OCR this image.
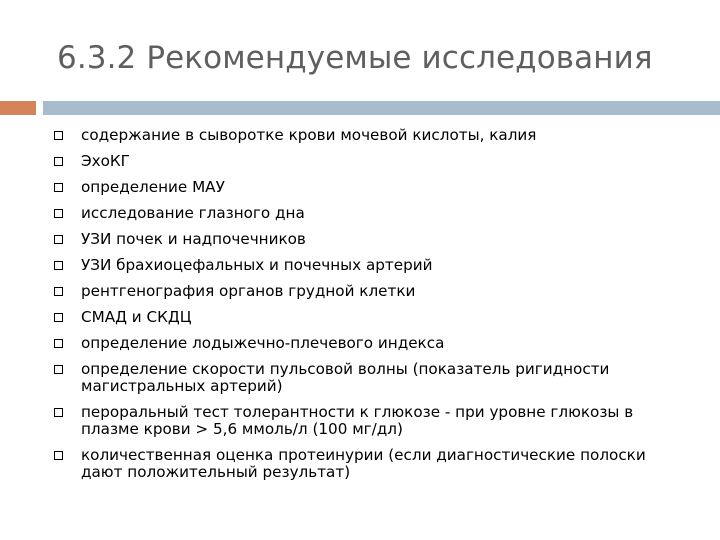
6.3.2 Рекомендуемые исследования
содержание в сыворотке крови мочевой кислоты, калия
ЭхоКГ
определение МАУ
исследование глазного дна
УЗИ почек и надпочечников
УЗИ брахиоцефальных и почечных артерий
рентгенография органов грудной клетки
СМАД и СКДЦ
определение лодыжечно-плечевого индекса
определение скорости пульсовой волны (показатель ригидности магистральных артерий)
пероральный тест толерантности к глюкозе - при уровне глюкозы в плазме крови > 5,6 ммоль/л (100 мг/дл)
количественная оценка протеинурии (если диагностические полоски дают положительный результат)
